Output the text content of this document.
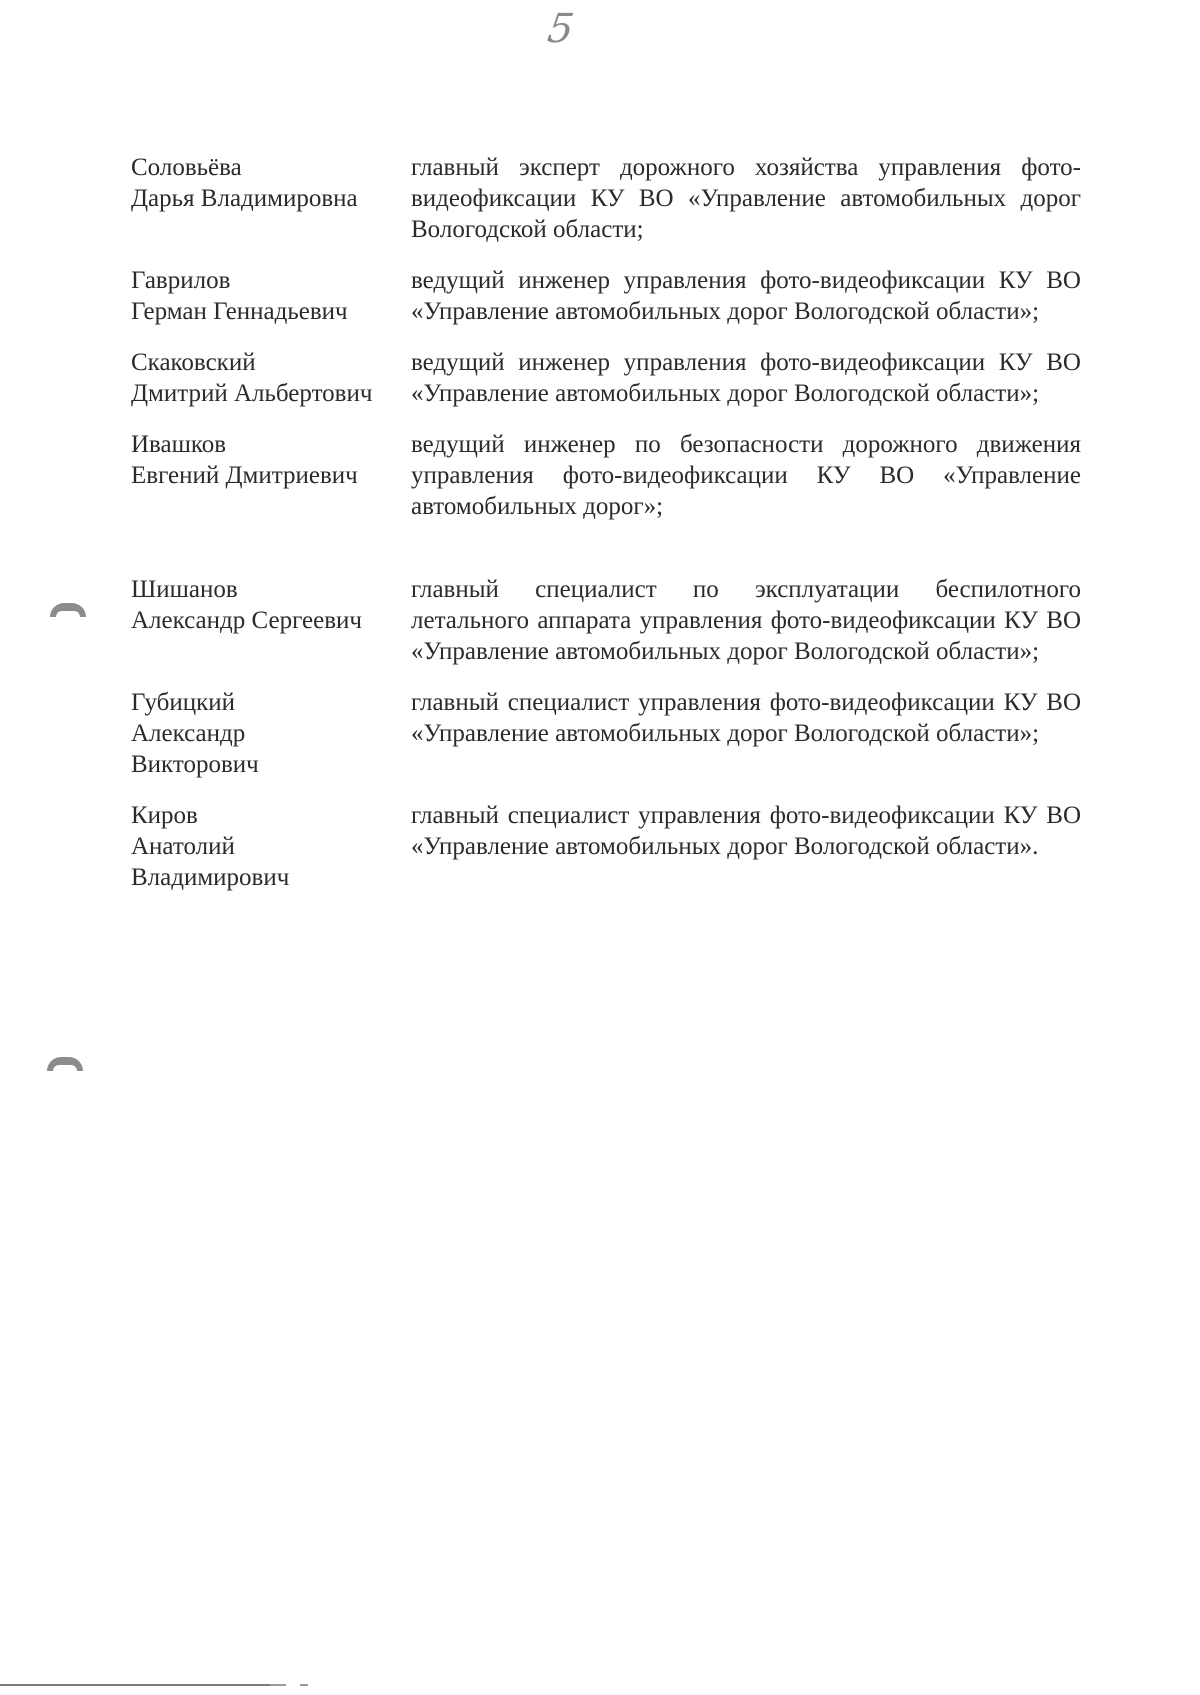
5
Соловьёва
Дарья Владимировна
главный эксперт дорожного хозяйства управления фото-видеофиксации КУ ВО «Управление автомобильных дорог Вологодской области;
Гаврилов
Герман Геннадьевич
ведущий инженер управления фото-видеофиксации КУ ВО «Управление автомобильных дорог Вологодской области»;
Скаковский
Дмитрий Альбертович
ведущий инженер управления фото-видеофиксации КУ ВО «Управление автомобильных дорог Вологодской области»;
Ивашков
Евгений Дмитриевич
ведущий инженер по безопасности дорожного движения управления фото-видеофиксации КУ ВО «Управление автомобильных дорог»;
Шишанов
Александр Сергеевич
главный специалист по эксплуатации беспилотного летального аппарата управления фото-видеофиксации КУ ВО «Управление автомобильных дорог Вологодской области»;
Губицкий
Александр
Викторович
главный специалист управления фото-видеофиксации КУ ВО «Управление автомобильных дорог Вологодской области»;
Киров
Анатолий
Владимирович
главный специалист управления фото-видеофиксации КУ ВО «Управление автомобильных дорог Вологодской области».
